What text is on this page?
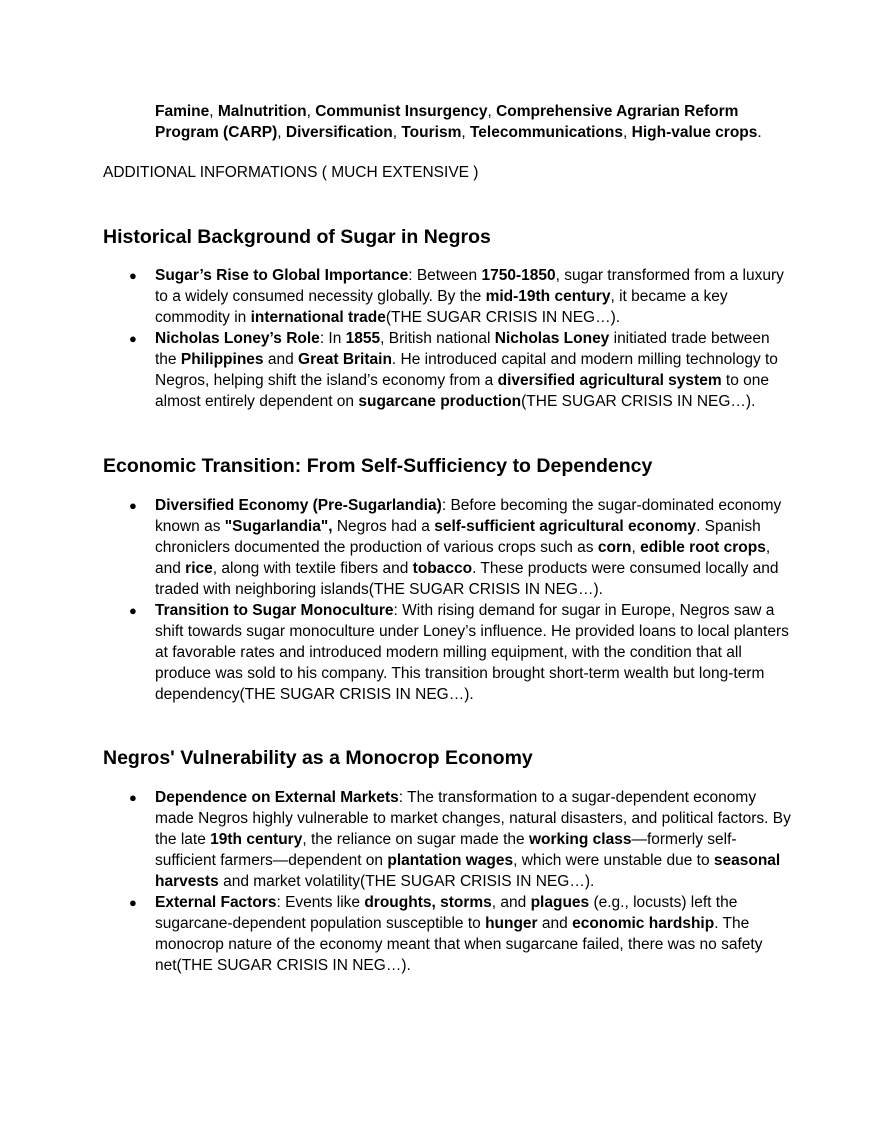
Famine, Malnutrition, Communist Insurgency, Comprehensive Agrarian Reform Program (CARP), Diversification, Tourism, Telecommunications, High-value crops.
ADDITIONAL INFORMATIONS ( MUCH EXTENSIVE )
Historical Background of Sugar in Negros
● Sugar’s Rise to Global Importance: Between 1750-1850, sugar transformed from a luxury to a widely consumed necessity globally. By the mid-19th century, it became a key commodity in international trade(THE SUGAR CRISIS IN NEG…).
● Nicholas Loney’s Role: In 1855, British national Nicholas Loney initiated trade between the Philippines and Great Britain. He introduced capital and modern milling technology to Negros, helping shift the island’s economy from a diversified agricultural system to one almost entirely dependent on sugarcane production(THE SUGAR CRISIS IN NEG…).
Economic Transition: From Self-Sufficiency to Dependency
● Diversified Economy (Pre-Sugarlandia): Before becoming the sugar-dominated economy known as "Sugarlandia", Negros had a self-sufficient agricultural economy. Spanish chroniclers documented the production of various crops such as corn, edible root crops, and rice, along with textile fibers and tobacco. These products were consumed locally and traded with neighboring islands(THE SUGAR CRISIS IN NEG…).
● Transition to Sugar Monoculture: With rising demand for sugar in Europe, Negros saw a shift towards sugar monoculture under Loney’s influence. He provided loans to local planters at favorable rates and introduced modern milling equipment, with the condition that all produce was sold to his company. This transition brought short-term wealth but long-term dependency(THE SUGAR CRISIS IN NEG…).
Negros' Vulnerability as a Monocrop Economy
● Dependence on External Markets: The transformation to a sugar-dependent economy made Negros highly vulnerable to market changes, natural disasters, and political factors. By the late 19th century, the reliance on sugar made the working class—formerly self-sufficient farmers—dependent on plantation wages, which were unstable due to seasonal harvests and market volatility(THE SUGAR CRISIS IN NEG…).
● External Factors: Events like droughts, storms, and plagues (e.g., locusts) left the sugarcane-dependent population susceptible to hunger and economic hardship. The monocrop nature of the economy meant that when sugarcane failed, there was no safety net(THE SUGAR CRISIS IN NEG…).
